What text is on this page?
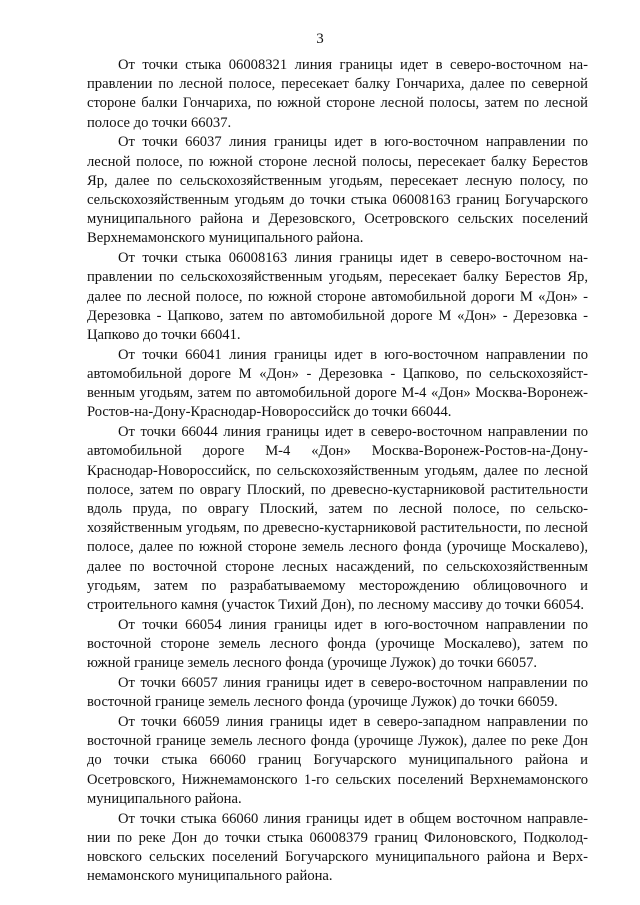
3

От точки стыка 06008321 линия границы идет в северо-восточном направлении по лесной полосе, пересекает балку Гончариха, далее по северной стороне балки Гончариха, по южной стороне лесной полосы, затем по лесной полосе до точки 66037.

От точки 66037 линия границы идет в юго-восточном направлении по лесной полосе, по южной стороне лесной полосы, пересекает балку Берестов Яр, далее по сельскохозяйственным угодьям, пересекает лесную полосу, по сельскохозяйственным угодьям до точки стыка 06008163 границ Богучарского муниципального района и Дерезовского, Осетровского сельских поселений Верхнемамонского муниципального района.

От точки стыка 06008163 линия границы идет в северо-восточном направлении по сельскохозяйственным угодьям, пересекает балку Берестов Яр, далее по лесной полосе, по южной стороне автомобильной дороги М «Дон» - Дерезовка - Цапково, затем по автомобильной дороге М «Дон» - Дерезовка - Цапково до точки 66041.

От точки 66041 линия границы идет в юго-восточном направлении по автомобильной дороге М «Дон» - Дерезовка - Цапково, по сельскохозяйственным угодьям, затем по автомобильной дороге М-4 «Дон» Москва-Воронеж-Ростов-на-Дону-Краснодар-Новороссийск до точки 66044.

От точки 66044 линия границы идет в северо-восточном направлении по автомобильной дороге М-4 «Дон» Москва-Воронеж-Ростов-на-Дону-Краснодар-Новороссийск, по сельскохозяйственным угодьям, далее по лесной полосе, затем по оврагу Плоский, по древесно-кустарниковой растительности вдоль пруда, по оврагу Плоский, затем по лесной полосе, по сельскохозяйственным угодьям, по древесно-кустарниковой растительности, по лесной полосе, далее по южной стороне земель лесного фонда (урочище Москалево), далее по восточной стороне лесных насаждений, по сельскохозяйственным угодьям, затем по разрабатываемому месторождению облицовочного и строительного камня (участок Тихий Дон), по лесному массиву до точки 66054.

От точки 66054 линия границы идет в юго-восточном направлении по восточной стороне земель лесного фонда (урочище Москалево), затем по южной границе земель лесного фонда (урочище Лужок) до точки 66057.

От точки 66057 линия границы идет в северо-восточном направлении по восточной границе земель лесного фонда (урочище Лужок) до точки 66059.

От точки 66059 линия границы идет в северо-западном направлении по восточной границе земель лесного фонда (урочище Лужок), далее по реке Дон до точки стыка 66060 границ Богучарского муниципального района и Осетровского, Нижнемамонского 1-го сельских поселений Верхнемамонского муниципального района.

От точки стыка 66060 линия границы идет в общем восточном направлении по реке Дон до точки стыка 06008379 границ Филоновского, Подколодновского сельских поселений Богучарского муниципального района и Верхнемамонского муниципального района.
